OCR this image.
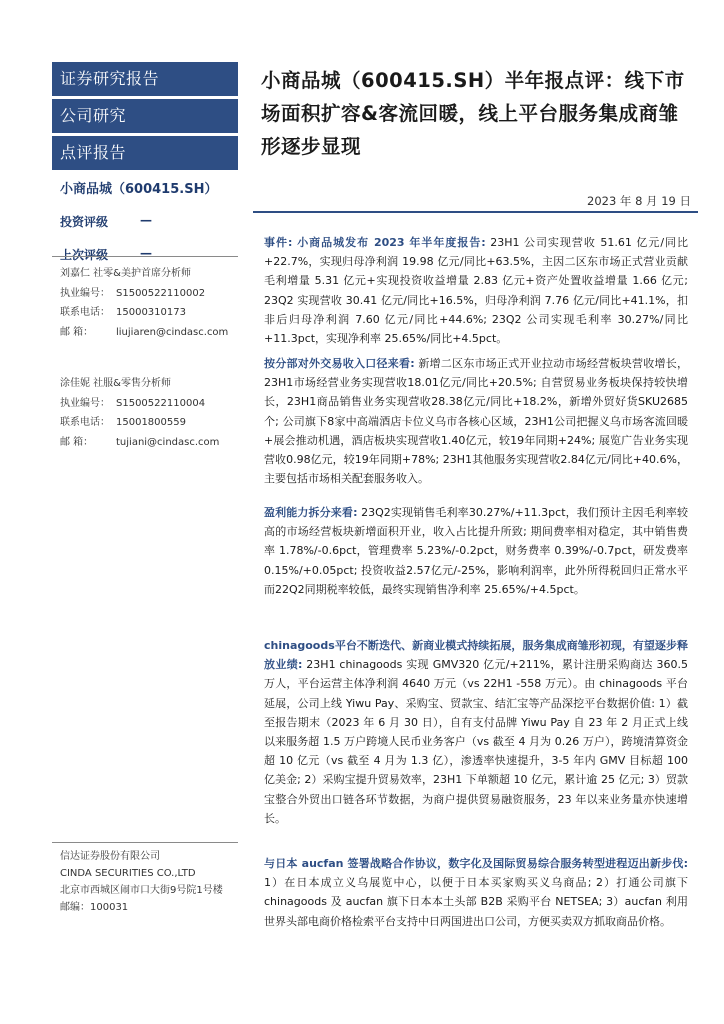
证券研究报告
公司研究
点评报告
小商品城（600415.SH）
投资评级	—
上次评级	—
刘嘉仁 社零&美护首席分析师
执业编号： S1500522110002
联系电话： 15000310173
邮 箱： liujiaren@cindasc.com
涂佳妮 社服&零售分析师
执业编号： S1500522110004
联系电话： 15001800559
邮 箱： tujiani@cindasc.com
信达证券股份有限公司
CINDA SECURITIES CO.,LTD
北京市西城区闹市口大街9号院1号楼
邮编：100031
小商品城（600415.SH）半年报点评：线下市场面积扩容&客流回暖，线上平台服务集成商雏形逐步显现
2023 年 8 月 19 日
事件: 小商品城发布 2023 年半年度报告: 23H1 公司实现营收 51.61 亿元/同比+22.7%，实现归母净利润 19.98 亿元/同比+63.5%，主因二区东市场正式营业贡献毛利增量 5.31 亿元+实现投资收益增量 2.83 亿元+资产处置收益增量 1.66 亿元; 23Q2 实现营收 30.41 亿元/同比+16.5%，归母净利润 7.76 亿元/同比+41.1%，扣非后归母净利润 7.60 亿元/同比+44.6%; 23Q2 公司实现毛利率 30.27%/同比+11.3pct，实现净利率 25.65%/同比+4.5pct。
按分部对外交易收入口径来看: 新增二区东市场正式开业拉动市场经营板块营收增长，23H1市场经营业务实现营收18.01亿元/同比+20.5%; 自营贸易业务板块保持较快增长，23H1商品销售业务实现营收28.38亿元/同比+18.2%，新增外贸好货SKU2685个; 公司旗下8家中高端酒店卡位义乌市各核心区域，23H1公司把握义乌市场客流回暖+展会推动机遇，酒店板块实现营收1.40亿元，较19年同期+24%; 展览广告业务实现营收0.98亿元，较19年同期+78%; 23H1其他服务实现营收2.84亿元/同比+40.6%，主要包括市场相关配套服务收入。
盈利能力拆分来看: 23Q2实现销售毛利率30.27%/+11.3pct，我们预计主因毛利率较高的市场经营板块新增面积开业，收入占比提升所致; 期间费率相对稳定，其中销售费率 1.78%/-0.6pct，管理费率 5.23%/-0.2pct，财务费率 0.39%/-0.7pct，研发费率0.15%/+0.05pct; 投资收益2.57亿元/-25%，影响利润率，此外所得税回归正常水平而22Q2同期税率较低，最终实现销售净利率 25.65%/+4.5pct。
chinagoods平台不断迭代、新商业模式持续拓展，服务集成商雏形初现，有望逐步释放业绩: 23H1 chinagoods 实现 GMV320 亿元/+211%，累计注册采购商达 360.5 万人，平台运营主体净利润 4640 万元（vs 22H1 -558 万元）。由 chinagoods 平台延展，公司上线 Yiwu Pay、采购宝、贸款宝、结汇宝等产品深挖平台数据价值: 1）截至报告期末（2023 年 6 月 30 日），自有支付品牌 Yiwu Pay 自 23 年 2 月正式上线以来服务超 1.5 万户跨境人民币业务客户（vs 截至 4 月为 0.26 万户），跨境清算资金超 10 亿元（vs 截至 4 月为 1.3 亿），渗透率快速提升，3-5 年内 GMV 目标超 100 亿美金; 2）采购宝提升贸易效率，23H1 下单额超 10 亿元，累计逾 25 亿元; 3）贸款宝整合外贸出口链各环节数据，为商户提供贸易融资服务，23 年以来业务量亦快速增长。
与日本 aucfan 签署战略合作协议，数字化及国际贸易综合服务转型进程迈出新步伐: 1）在日本成立义乌展览中心，以便于日本买家购买义乌商品; 2）打通公司旗下 chinagoods 及 aucfan 旗下日本本土头部 B2B 采购平台 NETSEA; 3）aucfan 利用世界头部电商价格检索平台支持中日两国进出口公司，方便买卖双方抓取商品价格。
